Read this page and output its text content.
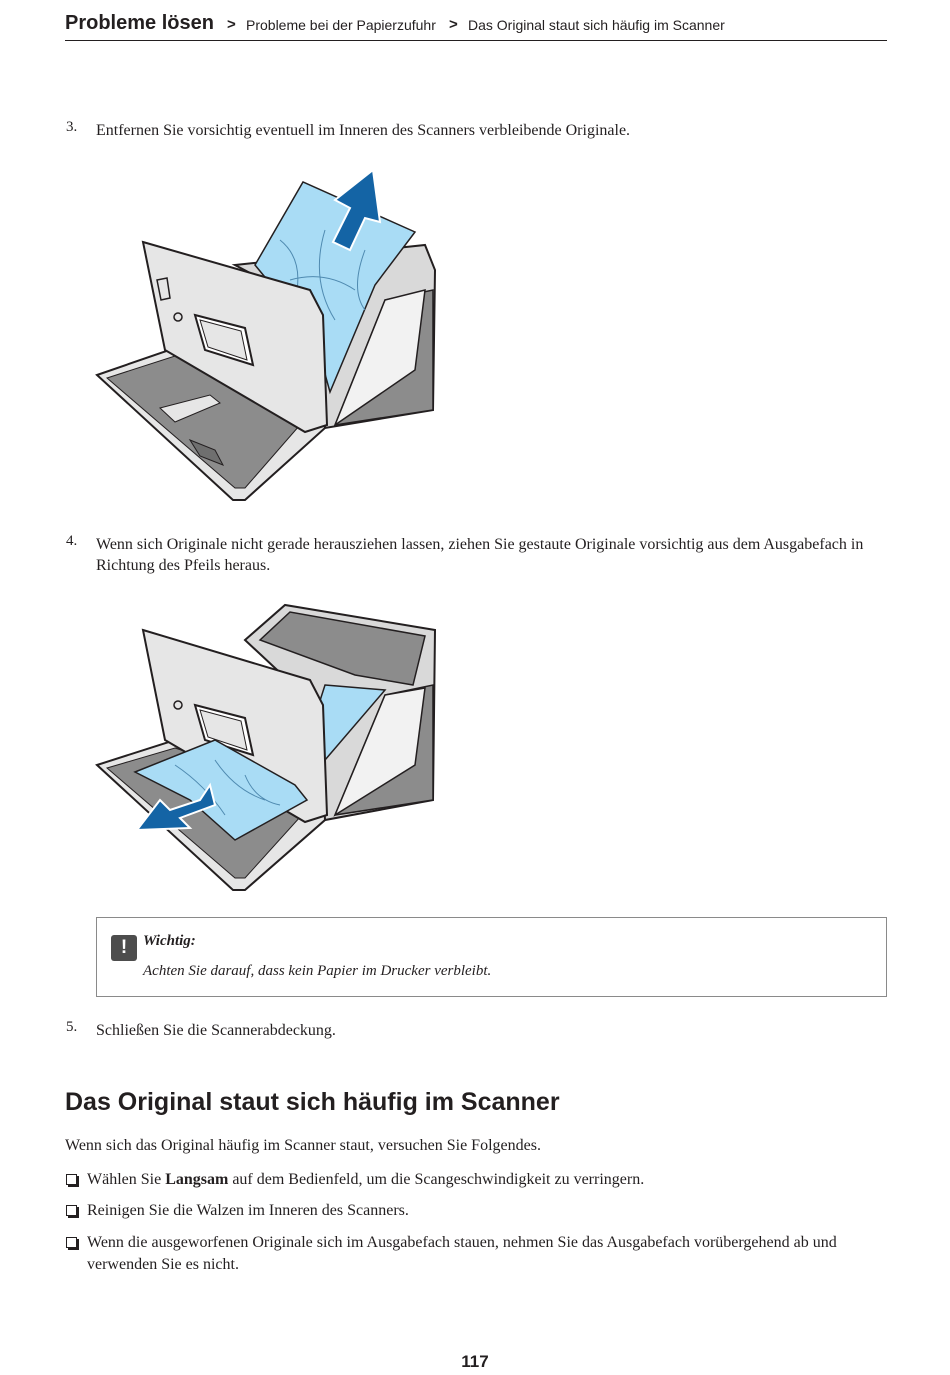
Probleme lösen > Probleme bei der Papierzufuhr > Das Original staut sich häufig im Scanner
3. Entfernen Sie vorsichtig eventuell im Inneren des Scanners verbleibende Originale.
4. Wenn sich Originale nicht gerade herausziehen lassen, ziehen Sie gestaute Originale vorsichtig aus dem Ausgabefach in Richtung des Pfeils heraus.
!	Wichtig:
Achten Sie darauf, dass kein Papier im Drucker verbleibt.
5. Schließen Sie die Scannerabdeckung.
Das Original staut sich häufig im Scanner
Wenn sich das Original häufig im Scanner staut, versuchen Sie Folgendes.
Wählen Sie Langsam auf dem Bedienfeld, um die Scangeschwindigkeit zu verringern.
Reinigen Sie die Walzen im Inneren des Scanners.
Wenn die ausgeworfenen Originale sich im Ausgabefach stauen, nehmen Sie das Ausgabefach vorübergehend ab und verwenden Sie es nicht.
117
